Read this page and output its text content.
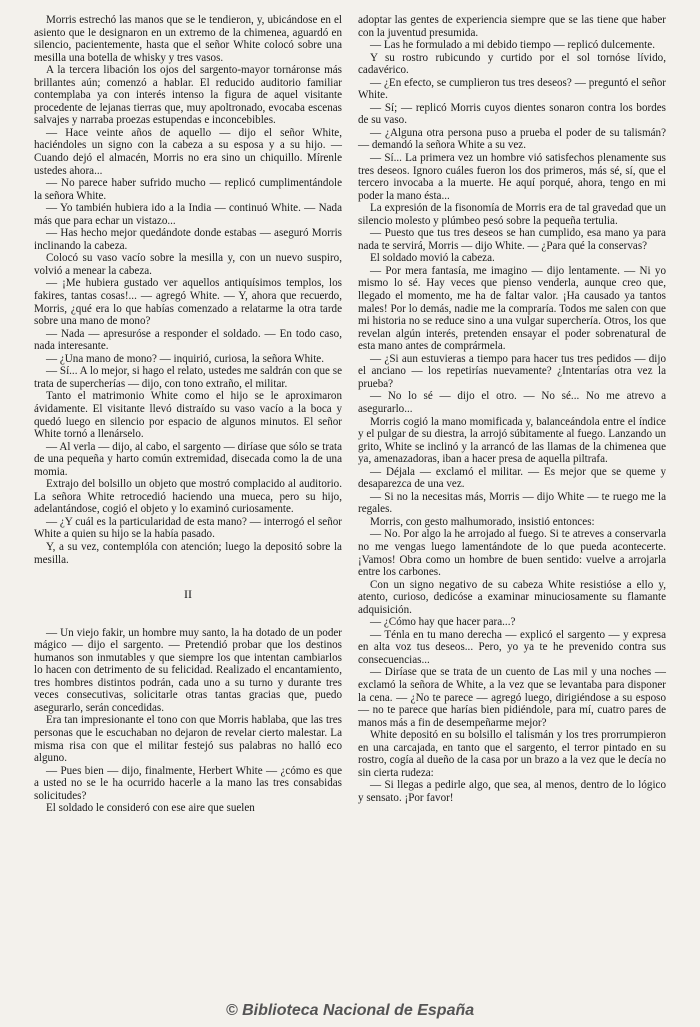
Morris estrechó las manos que se le tendieron, y, ubicándose en el asiento que le designaron en un extremo de la chimenea, aguardó en silencio, pacientemente, hasta que el señor White colocó sobre una mesilla una botella de whisky y tres vasos.

A la tercera libación los ojos del sargento-mayor tornáronse más brillantes aún; comenzó a hablar. El reducido auditorio familiar contemplaba ya con interés intenso la figura de aquel visitante procedente de lejanas tierras que, muy apoltronado, evocaba escenas salvajes y narraba proezas estupendas e inconcebibles.

— Hace veinte años de aquello — dijo el señor White, haciéndoles un signo con la cabeza a su esposa y a su hijo. — Cuando dejó el almacén, Morris no era sino un chiquillo. Mírenle ustedes ahora...

— No parece haber sufrido mucho — replicó cumplimentándole la señora White.

— Yo también hubiera ido a la India — continuó White. — Nada más que para echar un vistazo...

— Has hecho mejor quedándote donde estabas — aseguró Morris inclinando la cabeza.

Colocó su vaso vacío sobre la mesilla y, con un nuevo suspiro, volvió a menear la cabeza.

— ¡Me hubiera gustado ver aquellos antiquísimos templos, los fakires, tantas cosas!... — agregó White. — Y, ahora que recuerdo, Morris, ¿qué era lo que habías comenzado a relatarme la otra tarde sobre una mano de mono?

— Nada — apresuróse a responder el soldado. — En todo caso, nada interesante.

— ¿Una mano de mono? — inquirió, curiosa, la señora White.

— Sí... A lo mejor, si hago el relato, ustedes me saldrán con que se trata de supercherías — dijo, con tono extraño, el militar.

Tanto el matrimonio White como el hijo se le aproximaron ávidamente. El visitante llevó distraído su vaso vacío a la boca y quedó luego en silencio por espacio de algunos minutos. El señor White tornó a llenárselo.

— Al verla — dijo, al cabo, el sargento — diríase que sólo se trata de una pequeña y harto común extremidad, disecada como la de una momia.

Extrajo del bolsillo un objeto que mostró complacido al auditorio. La señora White retrocedió haciendo una mueca, pero su hijo, adelantándose, cogió el objeto y lo examinó curiosamente.

— ¿Y cuál es la particularidad de esta mano? — interrogó el señor White a quien su hijo se la había pasado.

Y, a su vez, contemplóla con atención; luego la depositó sobre la mesilla.

II

— Un viejo fakir, un hombre muy santo, la ha dotado de un poder mágico — dijo el sargento. — Pretendió probar que los destinos humanos son inmutables y que siempre los que intentan cambiarlos lo hacen con detrimento de su felicidad. Realizado el encantamiento, tres hombres distintos podrán, cada uno a su turno y durante tres veces consecutivas, solicitarle otras tantas gracias que, puedo asegurarlo, serán concedidas.

Era tan impresionante el tono con que Morris hablaba, que las tres personas que le escuchaban no dejaron de revelar cierto malestar. La misma risa con que el militar festejó sus palabras no halló eco alguno.

— Pues bien — dijo, finalmente, Herbert White — ¿cómo es que a usted no se le ha ocurrido hacerle a la mano las tres consabidas solicitudes?

El soldado le consideró con ese aire que suelen

adoptar las gentes de experiencia siempre que se las tiene que haber con la juventud presumida.

— Las he formulado a mi debido tiempo — replicó dulcemente.

Y su rostro rubicundo y curtido por el sol tornóse lívido, cadavérico.

— ¿En efecto, se cumplieron tus tres deseos? — preguntó el señor White.

— Sí; — replicó Morris cuyos dientes sonaron contra los bordes de su vaso.

— ¿Alguna otra persona puso a prueba el poder de su talismán? — demandó la señora White a su vez.

— Sí... La primera vez un hombre vió satisfechos plenamente sus tres deseos. Ignoro cuáles fueron los dos primeros, más sé, sí, que el tercero invocaba a la muerte. He aquí porqué, ahora, tengo en mi poder la mano ésta...

La expresión de la fisonomía de Morris era de tal gravedad que un silencio molesto y plúmbeo pesó sobre la pequeña tertulia.

— Puesto que tus tres deseos se han cumplido, esa mano ya para nada te servirá, Morris — dijo White. — ¿Para qué la conservas?

El soldado movió la cabeza.

— Por mera fantasía, me imagino — dijo lentamente. — Ni yo mismo lo sé. Hay veces que pienso venderla, aunque creo que, llegado el momento, me ha de faltar valor. ¡Ha causado ya tantos males! Por lo demás, nadie me la compraría. Todos me salen con que mi historia no se reduce sino a una vulgar superchería. Otros, los que revelan algún interés, pretenden ensayar el poder sobrenatural de esta mano antes de comprármela.

— ¿Si aun estuvieras a tiempo para hacer tus tres pedidos — dijo el anciano — los repetirías nuevamente? ¿Intentarías otra vez la prueba?

— No lo sé — dijo el otro. — No sé... No me atrevo a asegurarlo...

Morris cogió la mano momificada y, balanceándola entre el índice y el pulgar de su diestra, la arrojó súbitamente al fuego. Lanzando un grito, White se inclinó y la arrancó de las llamas de la chimenea que ya, amenazadoras, iban a hacer presa de aquella piltrafa.

— Déjala — exclamó el militar. — Es mejor que se queme y desaparezca de una vez.

— Si no la necesitas más, Morris — dijo White — te ruego me la regales.

Morris, con gesto malhumorado, insistió entonces:

— No. Por algo la he arrojado al fuego. Si te atreves a conservarla no me vengas luego lamentándote de lo que pueda acontecerte. ¡Vamos! Obra como un hombre de buen sentido: vuelve a arrojarla entre los carbones.

Con un signo negativo de su cabeza White resistióse a ello y, atento, curioso, dedicóse a examinar minuciosamente su flamante adquisición.

— ¿Cómo hay que hacer para...?

— Ténla en tu mano derecha — explicó el sargento — y expresa en alta voz tus deseos... Pero, yo ya te he prevenido contra sus consecuencias...

— Diríase que se trata de un cuento de Las mil y una noches — exclamó la señora de White, a la vez que se levantaba para disponer la cena. — ¿No te parece — agregó luego, dirigiéndose a su esposo — no te parece que harías bien pidiéndole, para mí, cuatro pares de manos más a fin de desempeñarme mejor?

White depositó en su bolsillo el talismán y los tres prorrumpieron en una carcajada, en tanto que el sargento, el terror pintado en su rostro, cogía al dueño de la casa por un brazo a la vez que le decía no sin cierta rudeza:

— Si llegas a pedirle algo, que sea, al menos, dentro de lo lógico y sensato. ¡Por favor!

© Biblioteca Nacional de España
